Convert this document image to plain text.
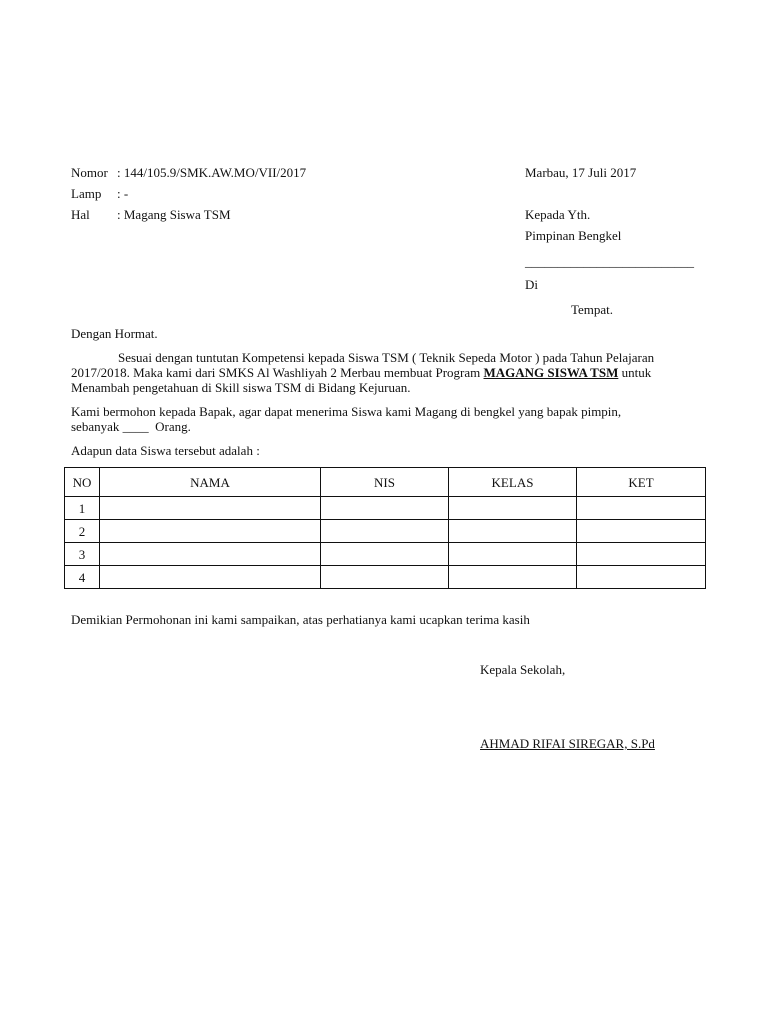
Nomor : 144/105.9/SMK.AW.MO/VII/2017	Marbau, 17 Juli 2017
Lamp : -
Hal : Magang Siswa TSM	Kepada Yth.
Pimpinan Bengkel
__________________________
Di
Tempat.
Dengan Hormat.
Sesuai dengan tuntutan Kompetensi kepada Siswa TSM ( Teknik Sepeda Motor ) pada Tahun Pelajaran
2017/2018. Maka kami dari SMKS Al Washliyah 2 Merbau membuat Program MAGANG SISWA TSM untuk
Menambah pengetahuan di Skill siswa TSM di Bidang Kejuruan.
Kami bermohon kepada Bapak, agar dapat menerima Siswa kami Magang di bengkel yang bapak pimpin,
sebanyak ____  Orang.
Adapun data Siswa tersebut adalah :
NO	NAMA	NIS	KELAS	KET
1				
2				
3				
4				
Demikian Permohonan ini kami sampaikan, atas perhatianya kami ucapkan terima kasih
Kepala Sekolah,
AHMAD RIFAI SIREGAR, S.Pd
